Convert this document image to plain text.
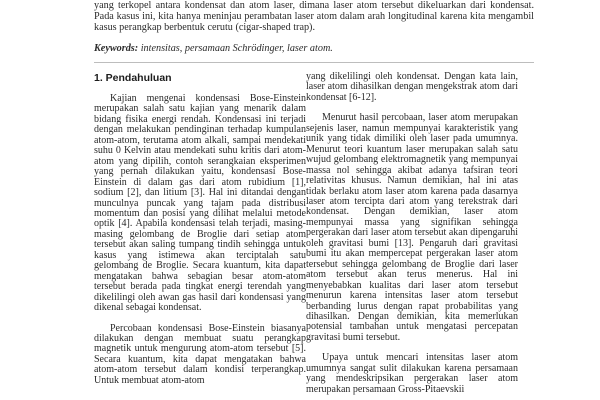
yang terkopel antara kondensat dan atom laser, dimana laser atom tersebut dikeluarkan dari kondensat. Pada kasus ini, kita hanya meninjau perambatan laser atom dalam arah longitudinal karena kita mengambil kasus perangkap berbentuk cerutu (cigar-shaped trap).

Keywords: intensitas, persamaan Schrödinger, laser atom.
1. Pendahuluan

Kajian mengenai kondensasi Bose-Einstein merupakan salah satu kajian yang menarik dalam bidang fisika energi rendah. Kondensasi ini terjadi dengan melakukan pendinginan terhadap kumpulan atom-atom, terutama atom alkali, sampai mendekati suhu 0 Kelvin atau mendekati suhu kritis dari atom-atom yang dipilih, contoh serangkaian eksperimen yang pernah dilakukan yaitu, kondensasi Bose-Einstein di dalam gas dari atom rubidium [1], sodium [2], dan litium [3]. Hal ini ditandai dengan munculnya puncak yang tajam pada distribusi momentum dan posisi yang dilihat melalui metode optik [4]. Apabila kondensasi telah terjadi, masing-masing gelombang de Broglie dari setiap atom tersebut akan saling tumpang tindih sehingga untuk kasus yang istimewa akan terciptalah satu gelombang de Broglie. Secara kuantum, kita dapat mengatakan bahwa sebagian besar atom-atom tersebut berada pada tingkat energi terendah yang dikelilingi oleh awan gas hasil dari kondensasi yang dikenal sebagai kondensat.

Percobaan kondensasi Bose-Einstein biasanya dilakukan dengan membuat suatu perangkap magnetik untuk mengurung atom-atom tersebut [5]. Secara kuantum, kita dapat mengatakan bahwa atom-atom tersebut dalam kondisi terperangkap. Untuk membuat atom-atom

yang dikelilingi oleh kondensat. Dengan kata lain, laser atom dihasilkan dengan mengekstrak atom dari kondensat [6-12].

Menurut hasil percobaan, laser atom merupakan sejenis laser, namun mempunyai karakteristik yang unik yang tidak dimiliki oleh laser pada umumnya. Menurut teori kuantum laser merupakan salah satu wujud gelombang elektromagnetik yang mempunyai massa nol sehingga akibat adanya tafsiran teori relativitas khusus. Namun demikian, hal ini atas tidak berlaku atom laser atom karena pada dasarnya laser atom tercipta dari atom yang terekstrak dari kondensat. Dengan demikian, laser atom mempunyai massa yang signifikan sehingga pergerakan dari laser atom tersebut akan dipengaruhi oleh gravitasi bumi [13]. Pengaruh dari gravitasi bumi itu akan mempercepat pergerakan laser atom tersebut sehingga gelombang de Broglie dari laser atom tersebut akan terus menerus. Hal ini menyebabkan kualitas dari laser atom tersebut menurun karena intensitas laser atom tersebut berbanding lurus dengan rapat probabilitas yang dihasilkan. Dengan demikian, kita memerlukan potensial tambahan untuk mengatasi percepatan gravitasi bumi tersebut.

Upaya untuk mencari intensitas laser atom umumnya sangat sulit dilakukan karena persamaan yang mendeskripsikan pergerakan laser atom merupakan persamaan Gross-Pitaevskii
